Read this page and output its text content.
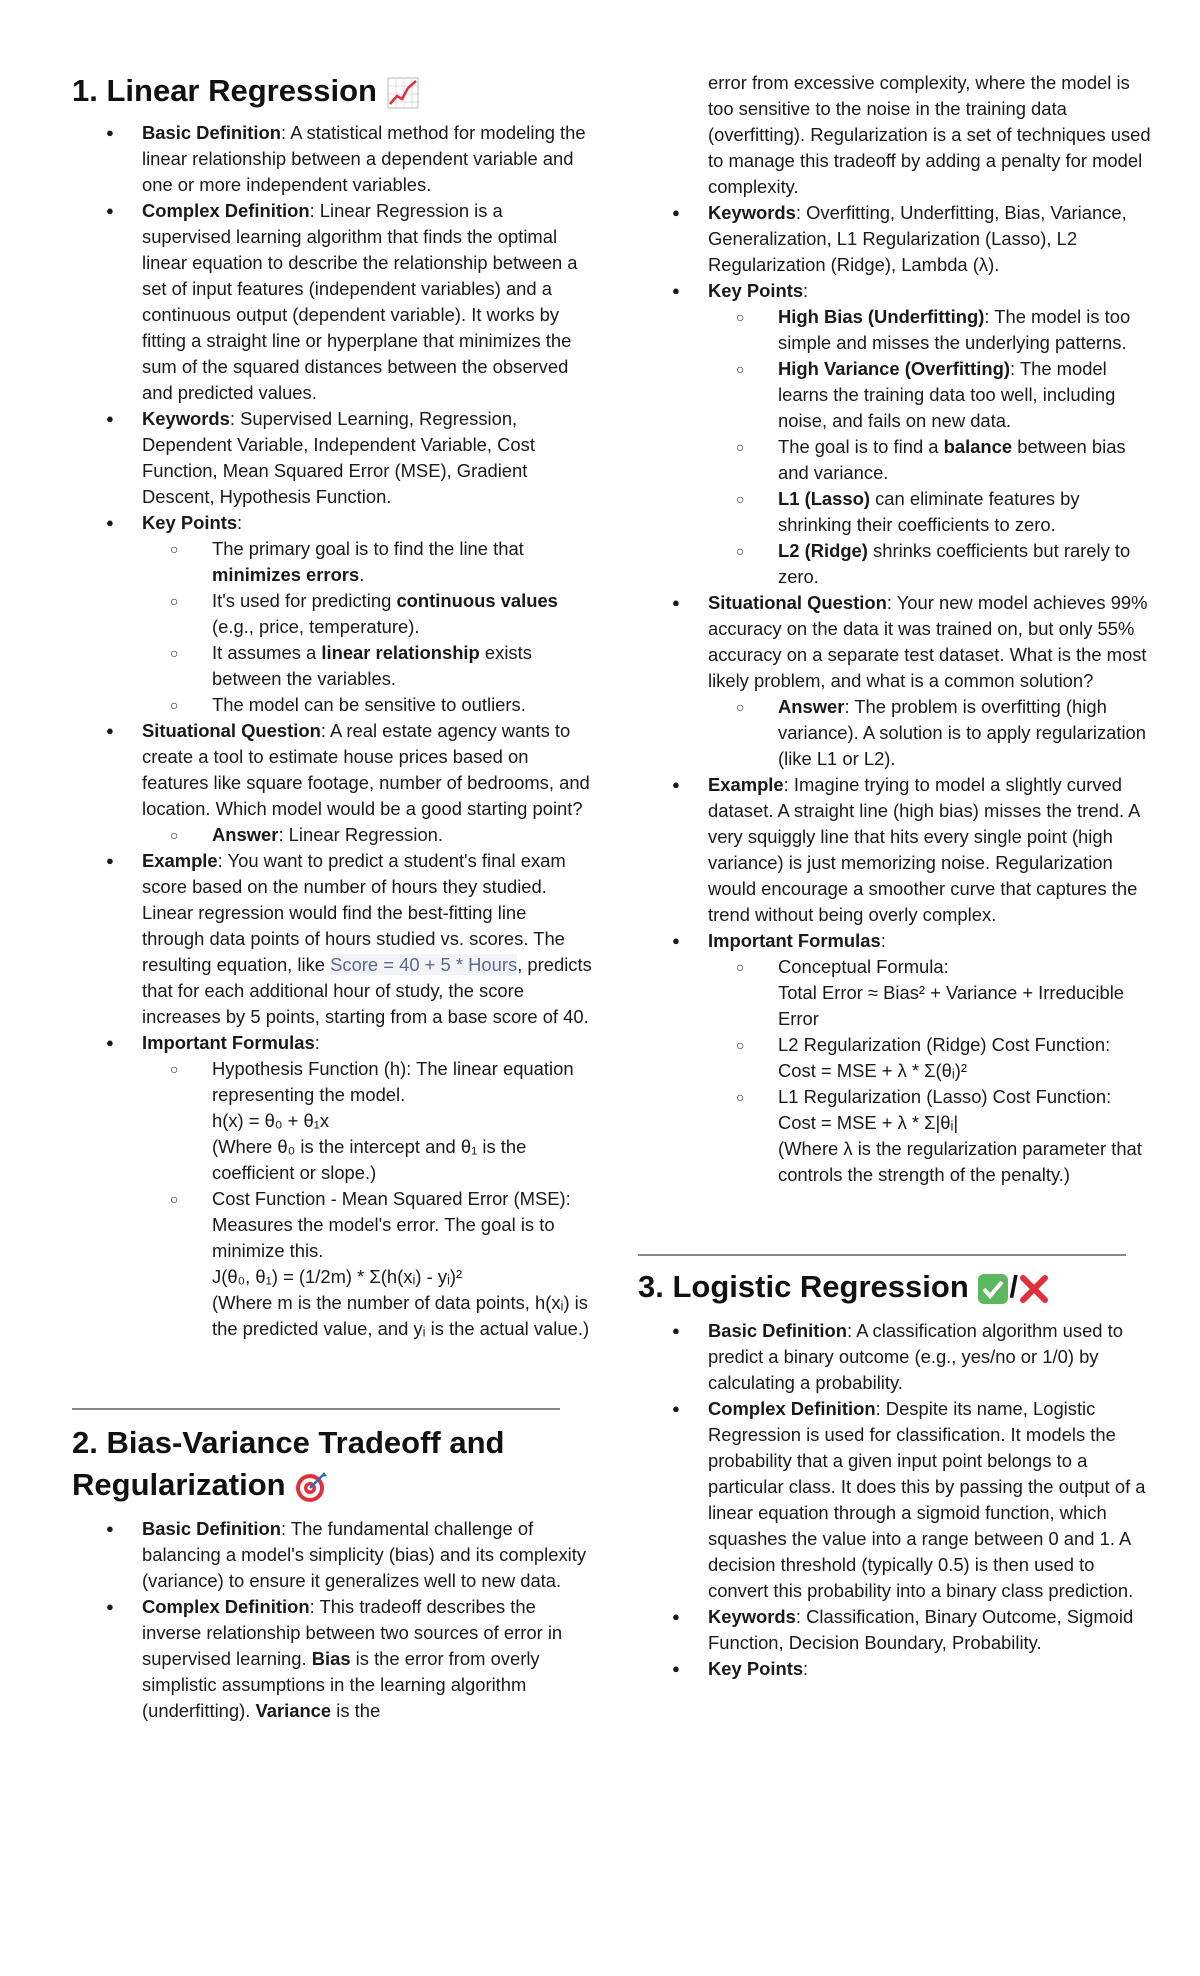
1. Linear Regression
● Basic Definition: A statistical method for modeling the linear relationship between a dependent variable and one or more independent variables.
● Complex Definition: Linear Regression is a supervised learning algorithm that finds the optimal linear equation to describe the relationship between a set of input features (independent variables) and a continuous output (dependent variable). It works by fitting a straight line or hyperplane that minimizes the sum of the squared distances between the observed and predicted values.
● Keywords: Supervised Learning, Regression, Dependent Variable, Independent Variable, Cost Function, Mean Squared Error (MSE), Gradient Descent, Hypothesis Function.
● Key Points:
○ The primary goal is to find the line that minimizes errors.
○ It's used for predicting continuous values (e.g., price, temperature).
○ It assumes a linear relationship exists between the variables.
○ The model can be sensitive to outliers.
● Situational Question: A real estate agency wants to create a tool to estimate house prices based on features like square footage, number of bedrooms, and location. Which model would be a good starting point?
○ Answer: Linear Regression.
● Example: You want to predict a student's final exam score based on the number of hours they studied. Linear regression would find the best-fitting line through data points of hours studied vs. scores. The resulting equation, like Score = 40 + 5 * Hours, predicts that for each additional hour of study, the score increases by 5 points, starting from a base score of 40.
● Important Formulas:
○ Hypothesis Function (h): The linear equation representing the model.
h(x) = θ₀ + θ₁x
(Where θ₀ is the intercept and θ₁ is the coefficient or slope.)
○ Cost Function - Mean Squared Error (MSE): Measures the model's error. The goal is to minimize this.
J(θ₀, θ₁) = (1/2m) * Σ(h(xᵢ) - yᵢ)²
(Where m is the number of data points, h(xᵢ) is the predicted value, and yᵢ is the actual value.)
2. Bias-Variance Tradeoff and
Regularization
● Basic Definition: The fundamental challenge of balancing a model's simplicity (bias) and its complexity (variance) to ensure it generalizes well to new data.
● Complex Definition: This tradeoff describes the inverse relationship between two sources of error in supervised learning. Bias is the error from overly simplistic assumptions in the learning algorithm (underfitting). Variance is the
error from excessive complexity, where the model is too sensitive to the noise in the training data (overfitting). Regularization is a set of techniques used to manage this tradeoff by adding a penalty for model complexity.
● Keywords: Overfitting, Underfitting, Bias, Variance, Generalization, L1 Regularization (Lasso), L2 Regularization (Ridge), Lambda (λ).
● Key Points:
○ High Bias (Underfitting): The model is too simple and misses the underlying patterns.
○ High Variance (Overfitting): The model learns the training data too well, including noise, and fails on new data.
○ The goal is to find a balance between bias and variance.
○ L1 (Lasso) can eliminate features by shrinking their coefficients to zero.
○ L2 (Ridge) shrinks coefficients but rarely to zero.
● Situational Question: Your new model achieves 99% accuracy on the data it was trained on, but only 55% accuracy on a separate test dataset. What is the most likely problem, and what is a common solution?
○ Answer: The problem is overfitting (high variance). A solution is to apply regularization (like L1 or L2).
● Example: Imagine trying to model a slightly curved dataset. A straight line (high bias) misses the trend. A very squiggly line that hits every single point (high variance) is just memorizing noise. Regularization would encourage a smoother curve that captures the trend without being overly complex.
● Important Formulas:
○ Conceptual Formula:
Total Error ≈ Bias² + Variance + Irreducible Error
○ L2 Regularization (Ridge) Cost Function:
Cost = MSE + λ * Σ(θᵢ)²
○ L1 Regularization (Lasso) Cost Function:
Cost = MSE + λ * Σ|θᵢ|
(Where λ is the regularization parameter that controls the strength of the penalty.)
3. Logistic Regression /
● Basic Definition: A classification algorithm used to predict a binary outcome (e.g., yes/no or 1/0) by calculating a probability.
● Complex Definition: Despite its name, Logistic Regression is used for classification. It models the probability that a given input point belongs to a particular class. It does this by passing the output of a linear equation through a sigmoid function, which squashes the value into a range between 0 and 1. A decision threshold (typically 0.5) is then used to convert this probability into a binary class prediction.
● Keywords: Classification, Binary Outcome, Sigmoid Function, Decision Boundary, Probability.
● Key Points:
